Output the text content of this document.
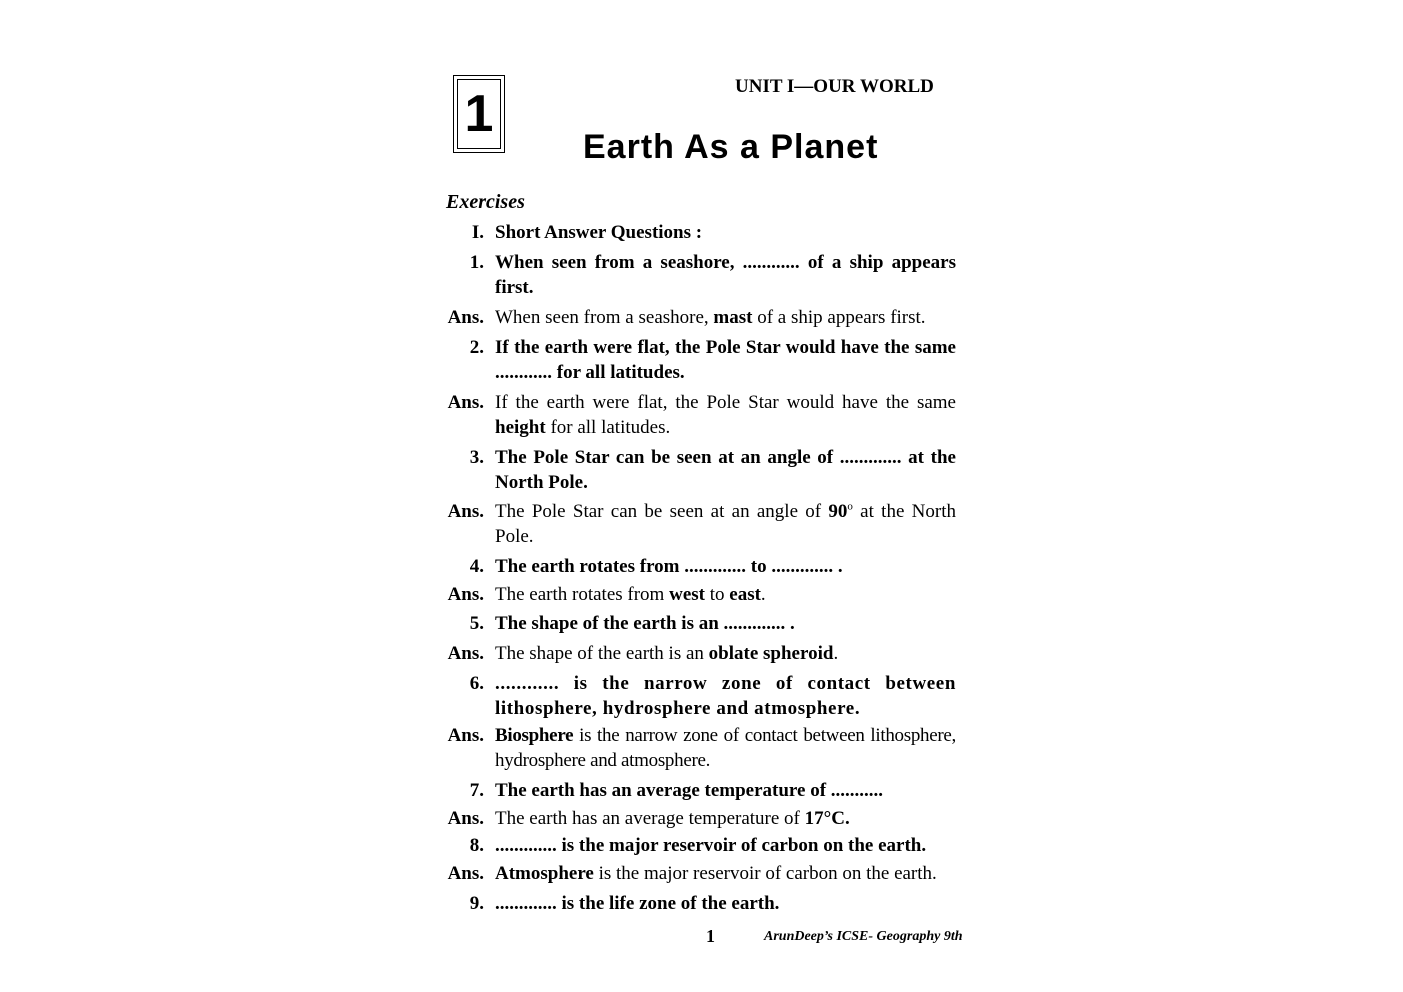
1	UNIT I—OUR WORLD
Earth As a Planet
Exercises
I. Short Answer Questions :
1. When seen from a seashore, ............ of a ship appears first.
Ans. When seen from a seashore, mast of a ship appears first.
2. If the earth were flat, the Pole Star would have the same ............ for all latitudes.
Ans. If the earth were flat, the Pole Star would have the same height for all latitudes.
3. The Pole Star can be seen at an angle of ............. at the North Pole.
Ans. The Pole Star can be seen at an angle of 90$^o$ at the North Pole.
4. The earth rotates from ............. to ............. .
Ans. The earth rotates from west to east.
5. The shape of the earth is an ............. .
Ans. The shape of the earth is an oblate spheroid.
6. ............ is the narrow zone of contact between lithosphere, hydrosphere and atmosphere.
Ans. Biosphere is the narrow zone of contact between lithosphere, hydrosphere and atmosphere.
7. The earth has an average temperature of ...........
Ans. The earth has an average temperature of 17°C.
8. ............. is the major reservoir of carbon on the earth.
Ans. Atmosphere is the major reservoir of carbon on the earth.
9. ............. is the life zone of the earth.
1	ArunDeep’s ICSE- Geography 9th
